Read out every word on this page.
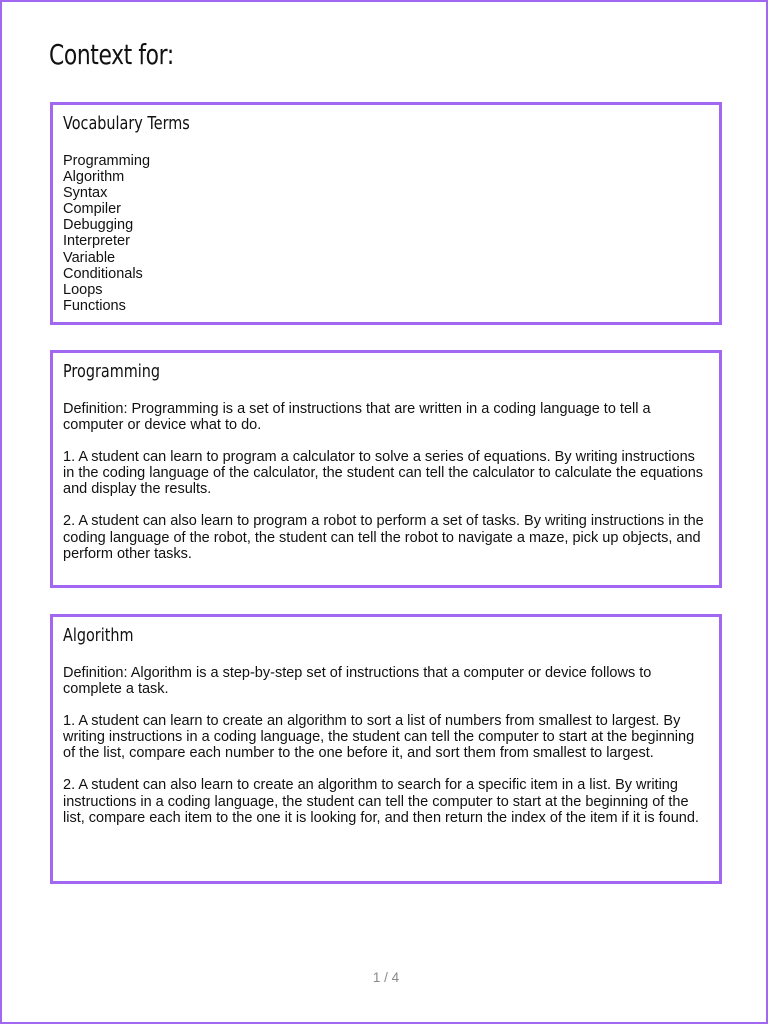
Context for:
Vocabulary Terms
Programming
Algorithm
Syntax
Compiler
Debugging
Interpreter
Variable
Conditionals
Loops
Functions
Programming

Definition: Programming is a set of instructions that are written in a coding language to tell a computer or device what to do.

1. A student can learn to program a calculator to solve a series of equations. By writing instructions in the coding language of the calculator, the student can tell the calculator to calculate the equations and display the results.

2. A student can also learn to program a robot to perform a set of tasks. By writing instructions in the coding language of the robot, the student can tell the robot to navigate a maze, pick up objects, and perform other tasks.

Algorithm

Definition: Algorithm is a step-by-step set of instructions that a computer or device follows to complete a task.

1. A student can learn to create an algorithm to sort a list of numbers from smallest to largest. By writing instructions in a coding language, the student can tell the computer to start at the beginning of the list, compare each number to the one before it, and sort them from smallest to largest.

2. A student can also learn to create an algorithm to search for a specific item in a list. By writing instructions in a coding language, the student can tell the computer to start at the beginning of the list, compare each item to the one it is looking for, and then return the index of the item if it is found.

1 / 4
